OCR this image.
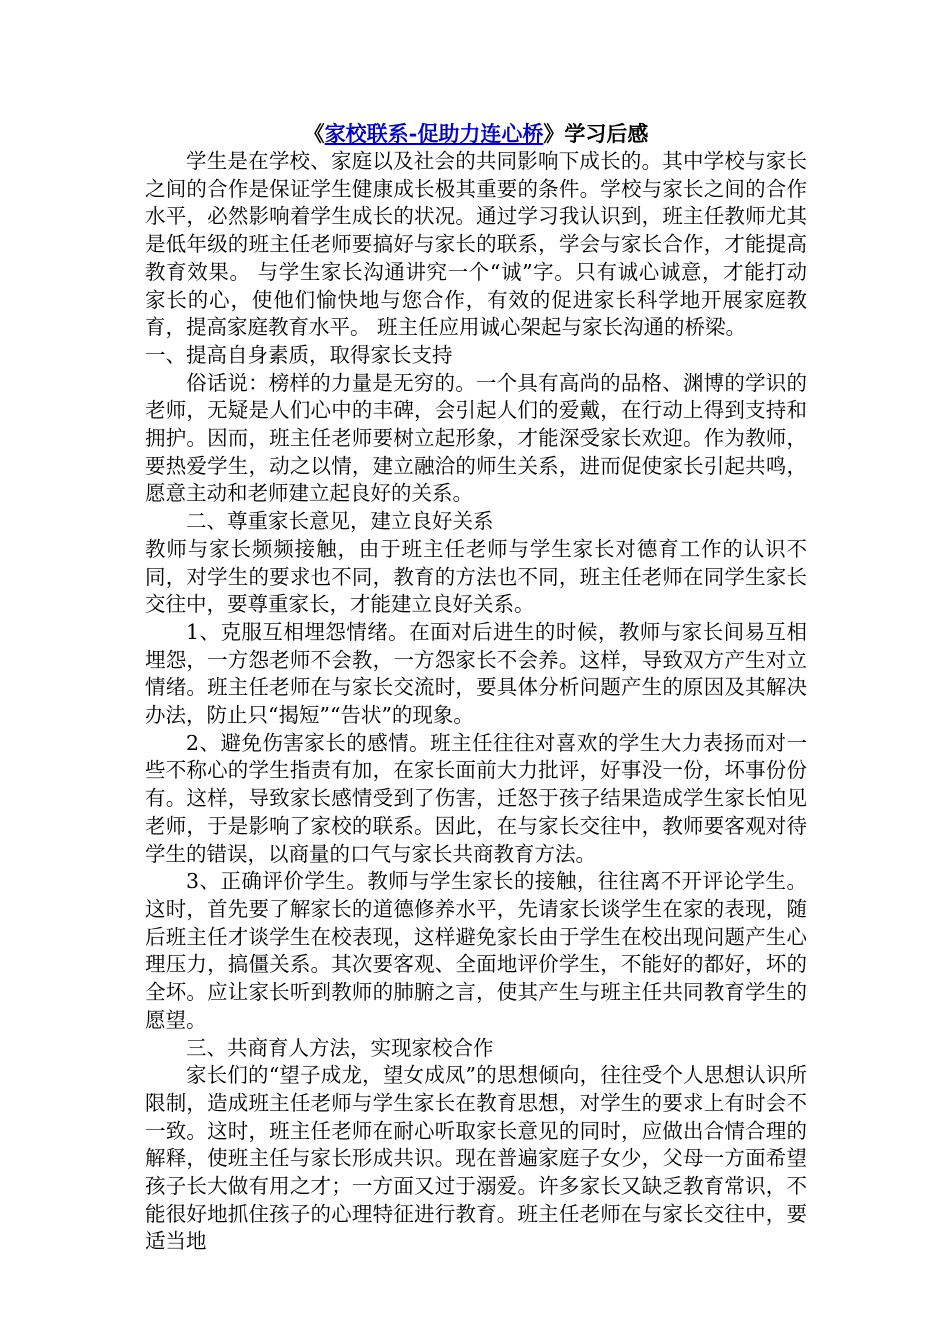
《家校联系-促助力连心桥》学习后感

学生是在学校、家庭以及社会的共同影响下成长的。其中学校与家长之间的合作是保证学生健康成长极其重要的条件。学校与家长之间的合作水平，必然影响着学生成长的状况。通过学习我认识到，班主任教师尤其是低年级的班主任老师要搞好与家长的联系，学会与家长合作，才能提高教育效果。 与学生家长沟通讲究一个“诚”字。只有诚心诚意，才能打动家长的心，使他们愉快地与您合作，有效的促进家长科学地开展家庭教育，提高家庭教育水平。 班主任应用诚心架起与家长沟通的桥梁。

一、提高自身素质，取得家长支持

俗话说：榜样的力量是无穷的。一个具有高尚的品格、渊博的学识的老师，无疑是人们心中的丰碑，会引起人们的爱戴，在行动上得到支持和拥护。因而，班主任老师要树立起形象，才能深受家长欢迎。作为教师，要热爱学生，动之以情，建立融洽的师生关系，进而促使家长引起共鸣，愿意主动和老师建立起良好的关系。

二、尊重家长意见，建立良好关系

教师与家长频频接触，由于班主任老师与学生家长对德育工作的认识不同，对学生的要求也不同，教育的方法也不同，班主任老师在同学生家长交往中，要尊重家长，才能建立良好关系。

1、克服互相埋怨情绪。在面对后进生的时候，教师与家长间易互相埋怨，一方怨老师不会教，一方怨家长不会养。这样，导致双方产生对立情绪。班主任老师在与家长交流时，要具体分析问题产生的原因及其解决办法，防止只“揭短”“告状”的现象。

2、避免伤害家长的感情。班主任往往对喜欢的学生大力表扬而对一些不称心的学生指责有加，在家长面前大力批评，好事没一份，坏事份份有。这样，导致家长感情受到了伤害，迁怒于孩子结果造成学生家长怕见老师，于是影响了家校的联系。因此，在与家长交往中，教师要客观对待学生的错误，以商量的口气与家长共商教育方法。

3、正确评价学生。教师与学生家长的接触，往往离不开评论学生。这时，首先要了解家长的道德修养水平，先请家长谈学生在家的表现，随后班主任才谈学生在校表现，这样避免家长由于学生在校出现问题产生心理压力，搞僵关系。其次要客观、全面地评价学生，不能好的都好，坏的全坏。应让家长听到教师的肺腑之言，使其产生与班主任共同教育学生的愿望。

三、共商育人方法，实现家校合作

家长们的“望子成龙，望女成凤”的思想倾向，往往受个人思想认识所限制，造成班主任老师与学生家长在教育思想，对学生的要求上有时会不一致。这时，班主任老师在耐心听取家长意见的同时，应做出合情合理的解释，使班主任与家长形成共识。现在普遍家庭子女少，父母一方面希望孩子长大做有用之才；一方面又过于溺爱。许多家长又缺乏教育常识，不能很好地抓住孩子的心理特征进行教育。班主任老师在与家长交往中，要适当地
